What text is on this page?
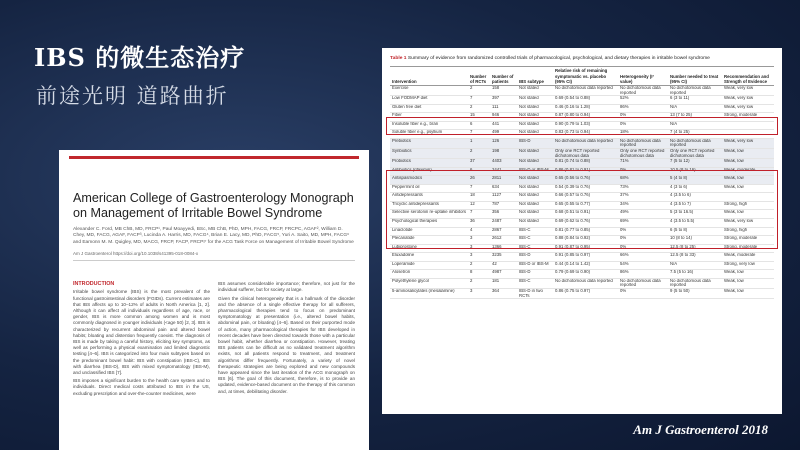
IBS 的微生态治疗
前途光明 道路曲折
American College of Gastroenterology Monograph on Management of Irritable Bowel Syndrome
Alexander C. Ford, MB ChB, MD, FRCP¹, Paul Moayyedi, BSc, MB ChB, PhD, MPH, FACG, FRCP, FRCPC, AGAF², William D. Chey, MD, FACG, AGAF, FACP³, Lucinda A. Harris, MD, FACG⁴, Brian E. Lacy, MD, PhD, FACG⁵, Yuri A. Saito, MD, MPH, FACG⁶ and Eamonn M. M. Quigley, MD, MACG, FRCP, FACP, FRCPI⁷ for the ACG Task Force on Management of Irritable Bowel Syndrome
Am J Gastroenterol https://doi.org/10.1038/s41395-018-0084-x
INTRODUCTION

Irritable bowel syndrome (IBS) is the most prevalent of the functional gastrointestinal disorders (FGIDs). Current estimates are that IBS affects up to 10–12% of adults in North America [1, 2]. Although it can affect all individuals regardless of age, race, or gender, IBS is more common among women and is most commonly diagnosed in younger individuals (<age 50) [2, 3]. IBS is characterized by recurrent abdominal pain and altered bowel habits; bloating and distention frequently coexist. The diagnosis of IBS is made by taking a careful history, eliciting key symptoms, as well as performing a physical examination and limited diagnostic testing [4–6]. IBS is categorized into four main subtypes based on the predominant bowel habit: IBS with constipation (IBS-C), IBS with diarrhea (IBS-D), IBS with mixed symptomatology (IBS-M), and unclassified IBS [7].

IBS imposes a significant burden to the health care system and to individuals. Direct medical costs attributed to IBS in the US, excluding prescription and over-the-counter medicines, were

IBS assumes considerable importance; therefore, not just for the individual sufferer, but for society at large.

Given the clinical heterogeneity that is a hallmark of the disorder and the absence of a single effective therapy for all sufferers, pharmacological therapies tend to focus on predominant symptomatology at presentation (i.e., altered bowel habits, abdominal pain, or bloating) [4–6]. Based on their purported mode of action, many pharmacological therapies for IBS developed in recent decades have been directed towards those with a particular bowel habit, whether diarrhea or constipation. However, treating IBS patients can be difficult as no validated treatment algorithm exists, not all patients respond to treatment, and treatment algorithms differ frequently. Fortunately, a variety of novel therapeutic strategies are being explored and new compounds have appeared since the last iteration of the ACG monograph on IBS [6]. The goal of this document, therefore, is to provide an updated, evidence-based document on the therapy of this common and, at times, debilitating disorder.

Table 1 Summary of evidence from randomized controlled trials of pharmacological, psychological, and dietary therapies in irritable bowel syndrome
Intervention	Number of RCTs	Number of patients	IBS subtype	Relative risk of remaining symptomatic vs. placebo (95% CI)	Heterogeneity (I² value)	Number needed to treat (95% CI)	Recommendation and Strength of Evidence
Exercise	2	158	Not stated	No dichotomous data reported	No dichotomous data reported	No dichotomous data reported	Weak, very low
Low FODMAP diet	7	397	Not stated	0.69 (0.54 to 0.88)	52%	6 (3 to 11)	Weak, very low
Gluten free diet	2	111	Not stated	0.46 (0.16 to 1.28)	86%	N/A	Weak, very low
Fiber	15	946	Not stated	0.87 (0.80 to 0.94)	0%	13 (7 to 25)	Strong, moderate
Insoluble fiber e.g., bran	6	441	Not stated	0.90 (0.79 to 1.03)	0%	N/A	
Soluble fiber e.g., psyllium	7	499	Not stated	0.83 (0.73 to 0.94)	18%	7 (4 to 25)	
Prebiotics	1	126	IBS-D	No dichotomous data reported	No dichotomous data reported	No dichotomous data reported	Weak, very low
Synbiotics	2	198	Not stated	Only one RCT reported dichotomous data	Only one RCT reported dichotomous data	Only one RCT reported dichotomous data	Weak, low
Probiotics	37	4403	Not stated	0.81 (0.74 to 0.88)	71%	7 (5 to 12)	Weak, low
Antibiotics (rifaximin)	6	2441	IBS-D or IBS-M	0.86 (0.81 to 0.91)	0%	10.5 (8 to 16)	Weak, moderate
Antispasmodics	26	2811	Not stated	0.65 (0.56 to 0.76)	68%	5 (4 to 8)	Weak, low
Peppermint oil	7	634	Not stated	0.54 (0.39 to 0.76)	73%	4 (3 to 6)	Weak, low
Antidepressants	18	1127	Not stated	0.66 (0.57 to 0.76)	37%	4 (3.5 to 6)	
Tricyclic antidepressants	12	787	Not stated	0.65 (0.55 to 0.77)	34%	4 (3.5 to 7)	Strong, high
Selective serotonin re-uptake inhibitors	7	356	Not stated	0.68 (0.51 to 0.91)	49%	5 (3 to 16.5)	Weak, low
Psychological therapies	36	2487	Not stated	0.69 (0.62 to 0.76)	69%	4 (3.5 to 5.5)	Weak, very low
Linaclotide	4	2867	IBS-C	0.81 (0.77 to 0.85)	0%	6 (5 to 8)	Strong, high
Plecanatide	3	2612	IBS-C	0.88 (0.84 to 0.92)	0%	10 (8 to 14)	Strong, moderate
Lubiprostone	3	1366	IBS-C	0.91 (0.87 to 0.95)	0%	12.5 (8 to 25)	Strong, moderate
Eluxadoline	3	3235	IBS-D	0.91 (0.85 to 0.97)	66%	12.5 (8 to 33)	Weak, moderate
Loperamide	2	42	IBS-D or IBS-M	0.44 (0.14 to 1.42)	54%	N/A	Strong, very low
Alosetron	8	4987	IBS-D	0.79 (0.69 to 0.90)	86%	7.5 (5 to 16)	Weak, low
Polyethylene glycol	2	181	IBS-C	No dichotomous data reported	No dichotomous data reported	No dichotomous data reported	Weak, low
5-aminosalicylates (mesalamine)	3	364	IBS-D in two RCTs	0.86 (0.75 to 0.97)	0%	9 (5 to 50)	Weak, low
Am J Gastroenterol 2018
